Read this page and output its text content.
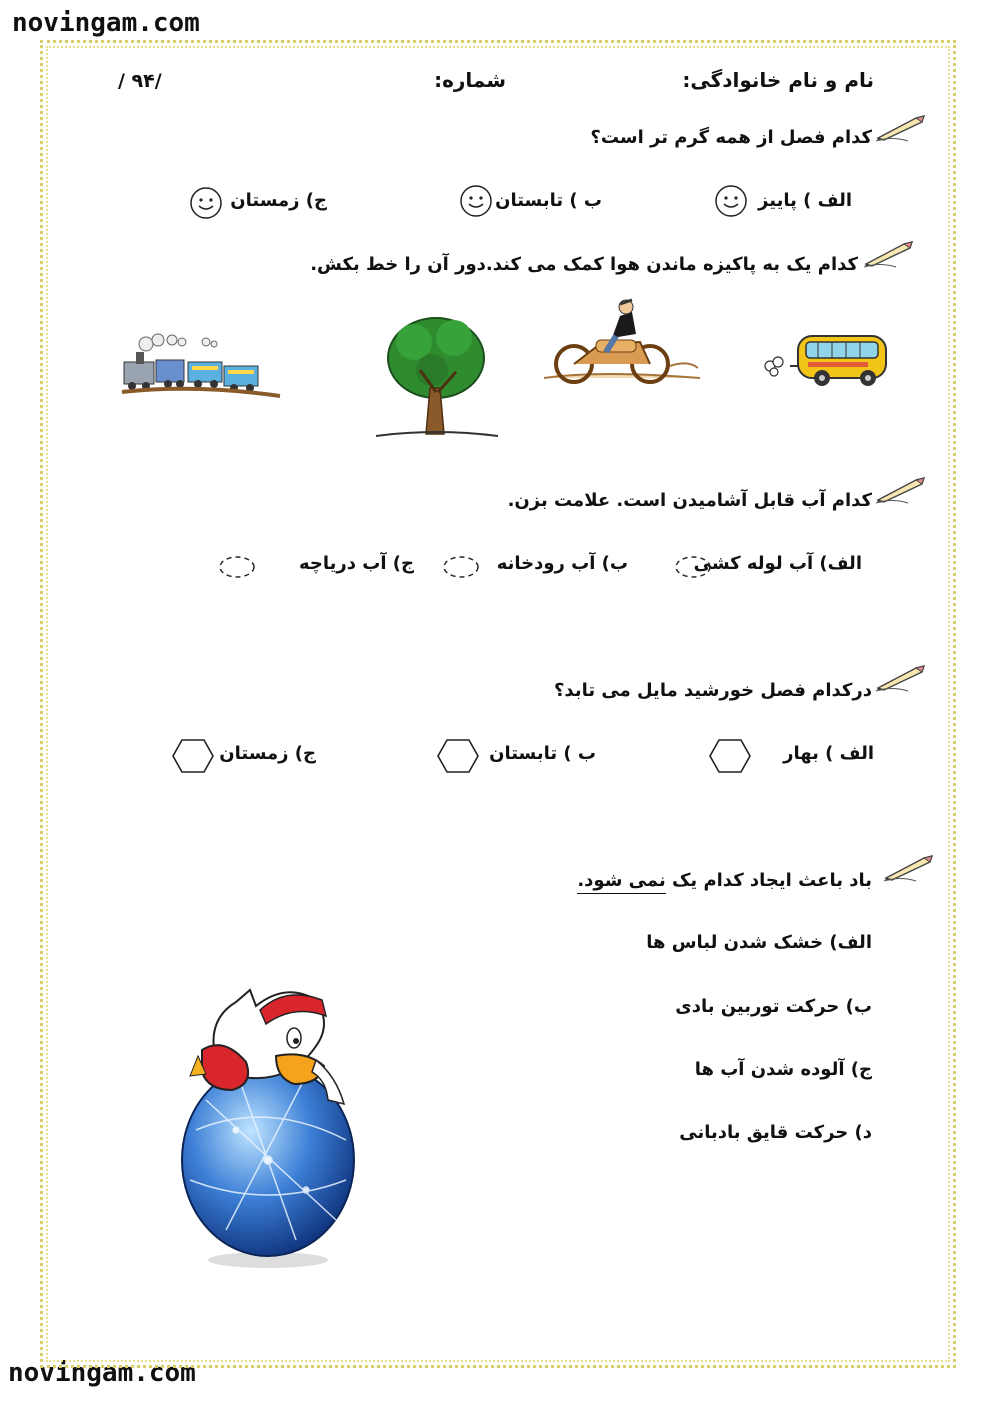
novingam.com
novingam.com
نام و نام خانوادگی:
شماره:
/ ۹۴/
کدام فصل از همه گرم تر است؟
الف ) پاییز
ب ) تابستان
ج) زمستان
کدام یک به پاکیزه ماندن هوا کمک می کند.دور آن را خط بکش.
کدام آب قابل آشامیدن است. علامت بزن.
الف) آب لوله کشی
ب) آب رودخانه
ج) آب دریاچه
درکدام فصل خورشید مایل می تابد؟
الف ) بهار
ب ) تابستان
ج) زمستان
باد باعث ایجاد کدام یک نمی شود.
الف) خشک شدن لباس ها
ب) حرکت توربین بادی
ج) آلوده شدن آب ها
د) حرکت قایق بادبانی
